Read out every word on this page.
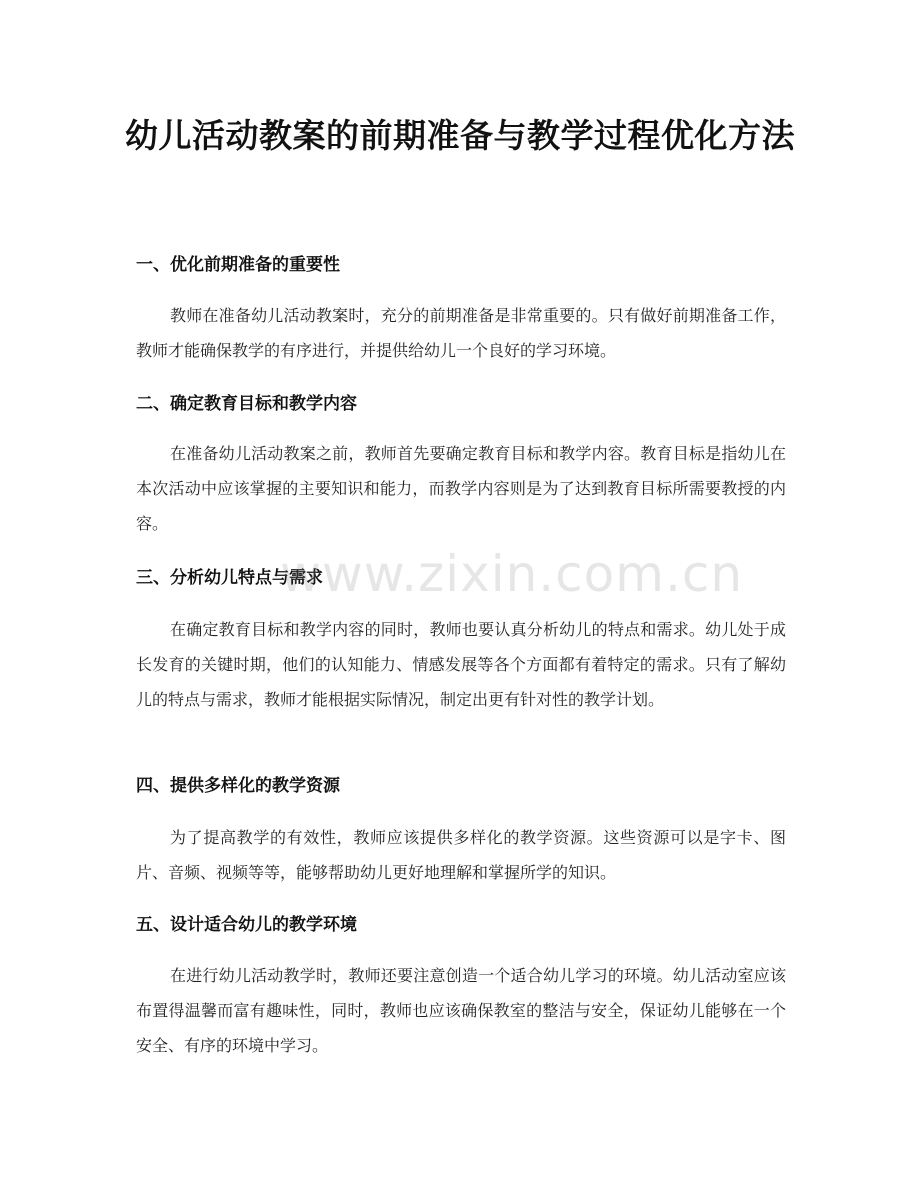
幼儿活动教案的前期准备与教学过程优化方法
一、优化前期准备的重要性

教师在准备幼儿活动教案时，充分的前期准备是非常重要的。只有做好前期准备工作，教师才能确保教学的有序进行，并提供给幼儿一个良好的学习环境。

二、确定教育目标和教学内容

在准备幼儿活动教案之前，教师首先要确定教育目标和教学内容。教育目标是指幼儿在本次活动中应该掌握的主要知识和能力，而教学内容则是为了达到教育目标所需要教授的内容。

三、分析幼儿特点与需求

在确定教育目标和教学内容的同时，教师也要认真分析幼儿的特点和需求。幼儿处于成长发育的关键时期，他们的认知能力、情感发展等各个方面都有着特定的需求。只有了解幼儿的特点与需求，教师才能根据实际情况，制定出更有针对性的教学计划。

四、提供多样化的教学资源

为了提高教学的有效性，教师应该提供多样化的教学资源。这些资源可以是字卡、图片、音频、视频等等，能够帮助幼儿更好地理解和掌握所学的知识。

五、设计适合幼儿的教学环境

在进行幼儿活动教学时，教师还要注意创造一个适合幼儿学习的环境。幼儿活动室应该布置得温馨而富有趣味性，同时，教师也应该确保教室的整洁与安全，保证幼儿能够在一个安全、有序的环境中学习。

www.zixin.com.cn
